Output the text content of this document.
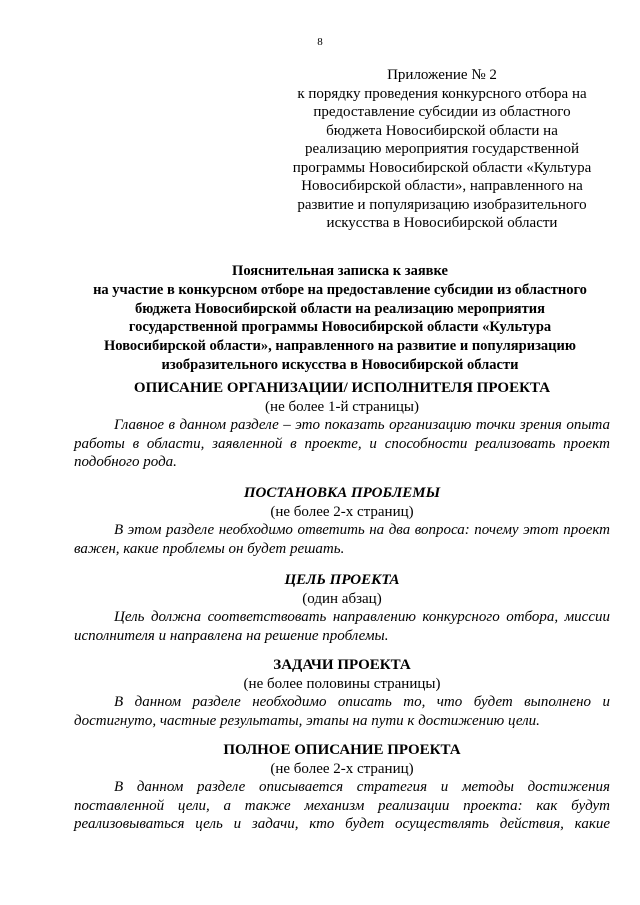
8
Приложение № 2
к порядку проведения конкурсного отбора на
предоставление субсидии из областного
бюджета Новосибирской области на
реализацию мероприятия государственной
программы Новосибирской области «Культура
Новосибирской области», направленного на
развитие и популяризацию изобразительного
искусства в Новосибирской области
Пояснительная записка к заявке
на участие в конкурсном отборе на предоставление субсидии из областного
бюджета Новосибирской области на реализацию мероприятия
государственной программы Новосибирской области «Культура
Новосибирской области», направленного на развитие и популяризацию
изобразительного искусства в Новосибирской области
ОПИСАНИЕ ОРГАНИЗАЦИИ/ ИСПОЛНИТЕЛЯ ПРОЕКТА
(не более 1-й страницы)
Главное в данном разделе – это показать организацию точки зрения опыта
работы в области, заявленной в проекте, и способности реализовать проект
подобного рода.
ПОСТАНОВКА ПРОБЛЕМЫ
(не более 2-х страниц)
В этом разделе необходимо ответить на два вопроса: почему этот проект
важен, какие проблемы он будет решать.
ЦЕЛЬ ПРОЕКТА
(один абзац)
Цель должна соответствовать направлению конкурсного отбора, миссии
исполнителя и направлена на решение проблемы.
ЗАДАЧИ ПРОЕКТА
(не более половины страницы)
В данном разделе необходимо описать то, что будет выполнено и
достигнуто, частные результаты, этапы на пути к достижению цели.
ПОЛНОЕ ОПИСАНИЕ ПРОЕКТА
(не более 2-х страниц)
В данном разделе описывается стратегия и методы достижения
поставленной цели, а также механизм реализации проекта: как будут
реализовываться цель и задачи, кто будет осуществлять действия, какие
